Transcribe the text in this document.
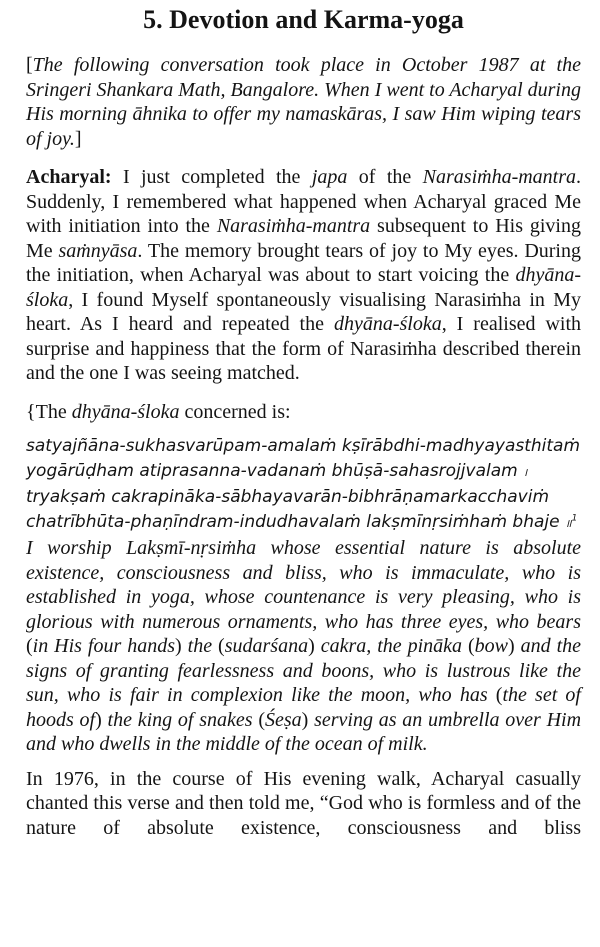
5. Devotion and Karma-yoga

[The following conversation took place in October 1987 at the Sringeri Shankara Math, Bangalore. When I went to Acharyal during His morning āhnika to offer my namaskāras, I saw Him wiping tears of joy.]

Acharyal: I just completed the japa of the Narasiṁha-mantra. Suddenly, I remembered what happened when Acharyal graced Me with initiation into the Narasiṁha-mantra subsequent to His giving Me saṁnyāsa. The memory brought tears of joy to My eyes. During the initiation, when Acharyal was about to start voicing the dhyāna-śloka, I found Myself spontaneously visualising Narasiṁha in My heart. As I heard and repeated the dhyāna-śloka, I realised with surprise and happiness that the form of Narasiṁha described therein and the one I was seeing matched.

{The dhyāna-śloka concerned is:

satyajñāna-sukhasvarūpam-amalaṁ kṣīrābdhi-madhyayasthitaṁ
yogārūḍham atiprasanna-vadanaṁ bhūṣā-sahasrojjvalam ।
tryakṣaṁ cakrapināka-sābhayavarān-bibhrāṇamarkacchaviṁ
chatrībhūta-phaṇīndram-indudhavalaṁ lakṣmīnṛsiṁhaṁ bhaje ॥$^1$

I worship Lakṣmī-nṛsiṁha whose essential nature is absolute existence, consciousness and bliss, who is immaculate, who is established in yoga, whose countenance is very pleasing, who is glorious with numerous ornaments, who has three eyes, who bears (in His four hands) the (sudarśana) cakra, the pināka (bow) and the signs of granting fearlessness and boons, who is lustrous like the sun, who is fair in complexion like the moon, who has (the set of hoods of) the king of snakes (Śeṣa) serving as an umbrella over Him and who dwells in the middle of the ocean of milk.

In 1976, in the course of His evening walk, Acharyal casually chanted this verse and then told me, “God who is formless and of the nature of absolute existence, consciousness and bliss
